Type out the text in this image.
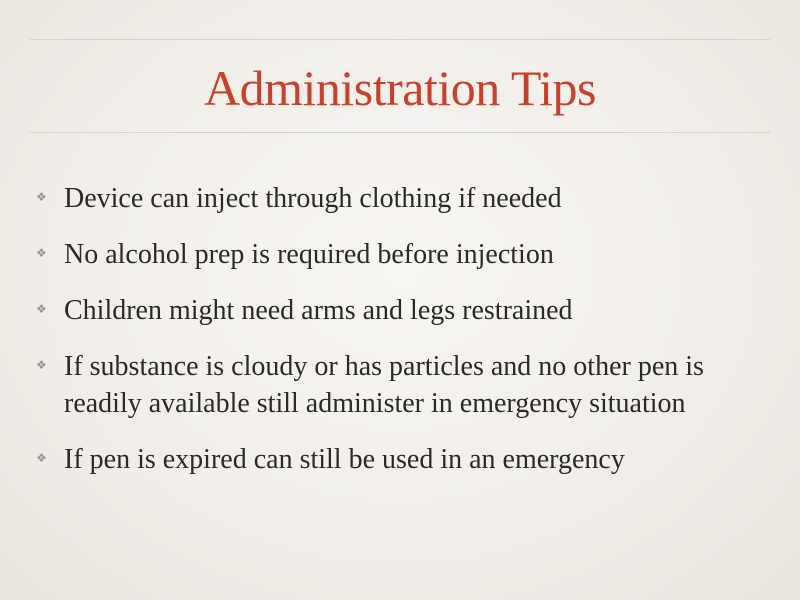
Administration Tips
❖ Device can inject through clothing if needed
❖ No alcohol prep is required before injection
❖ Children might need arms and legs restrained
❖ If substance is cloudy or has particles and no other pen is readily available still administer in emergency situation
❖ If pen is expired can still be used in an emergency
